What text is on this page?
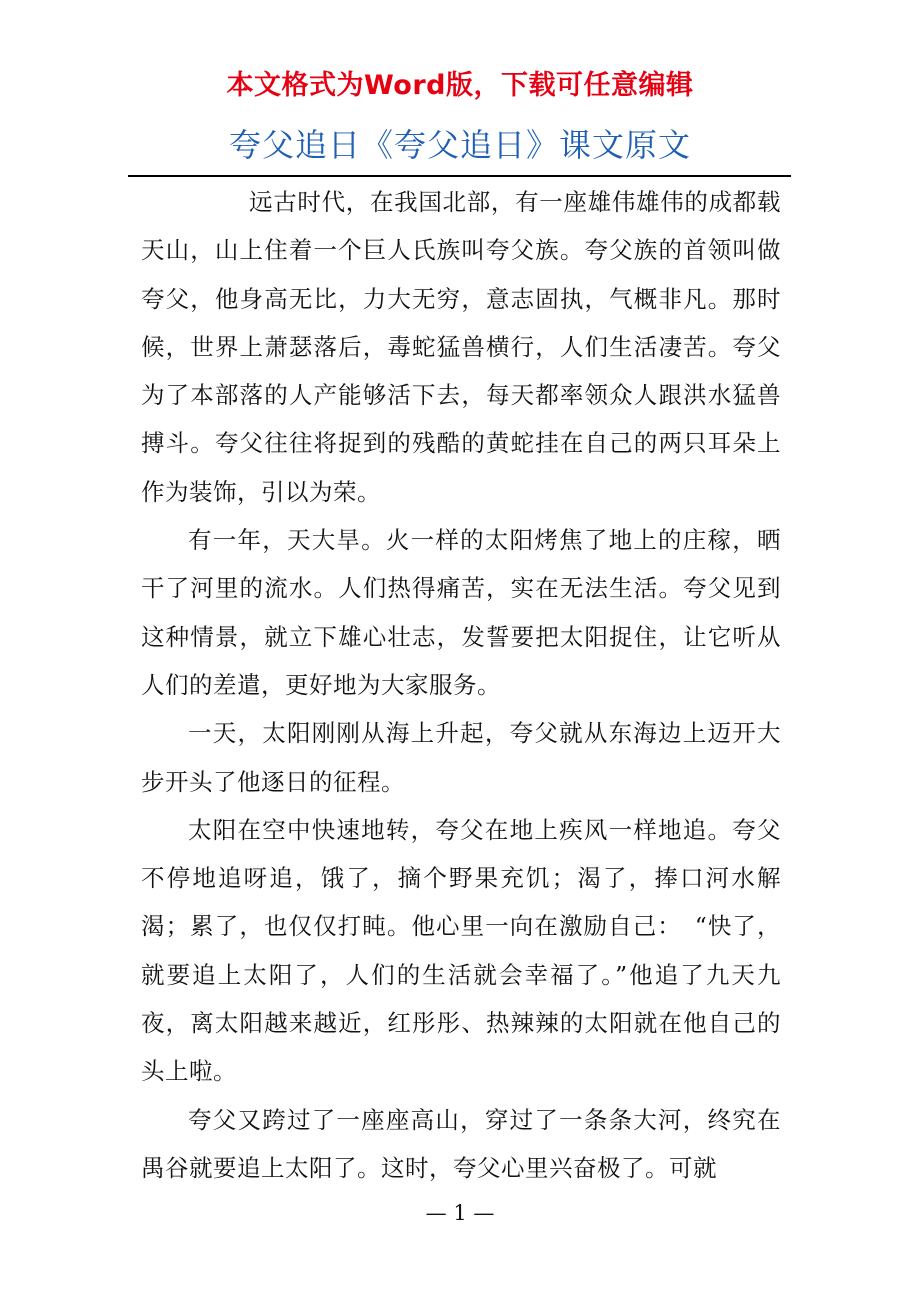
本文格式为Word版，下载可任意编辑
夸父追日《夸父追日》课文原文

远古时代，在我国北部，有一座雄伟雄伟的成都载天山，山上住着一个巨人氏族叫夸父族。夸父族的首领叫做夸父，他身高无比，力大无穷，意志固执，气概非凡。那时候，世界上萧瑟落后，毒蛇猛兽横行，人们生活凄苦。夸父为了本部落的人产能够活下去，每天都率领众人跟洪水猛兽搏斗。夸父往往将捉到的残酷的黄蛇挂在自己的两只耳朵上作为装饰，引以为荣。

有一年，天大旱。火一样的太阳烤焦了地上的庄稼，晒干了河里的流水。人们热得痛苦，实在无法生活。夸父见到这种情景，就立下雄心壮志，发誓要把太阳捉住，让它听从人们的差遣，更好地为大家服务。

一天，太阳刚刚从海上升起，夸父就从东海边上迈开大步开头了他逐日的征程。

太阳在空中快速地转，夸父在地上疾风一样地追。夸父不停地追呀追，饿了，摘个野果充饥；渴了，捧口河水解渴；累了，也仅仅打盹。他心里一向在激励自己：　“快了，就要追上太阳了，人们的生活就会幸福了。”他追了九天九夜，离太阳越来越近，红彤彤、热辣辣的太阳就在他自己的头上啦。

夸父又跨过了一座座高山，穿过了一条条大河，终究在禺谷就要追上太阳了。这时，夸父心里兴奋极了。可就

— 1 —
